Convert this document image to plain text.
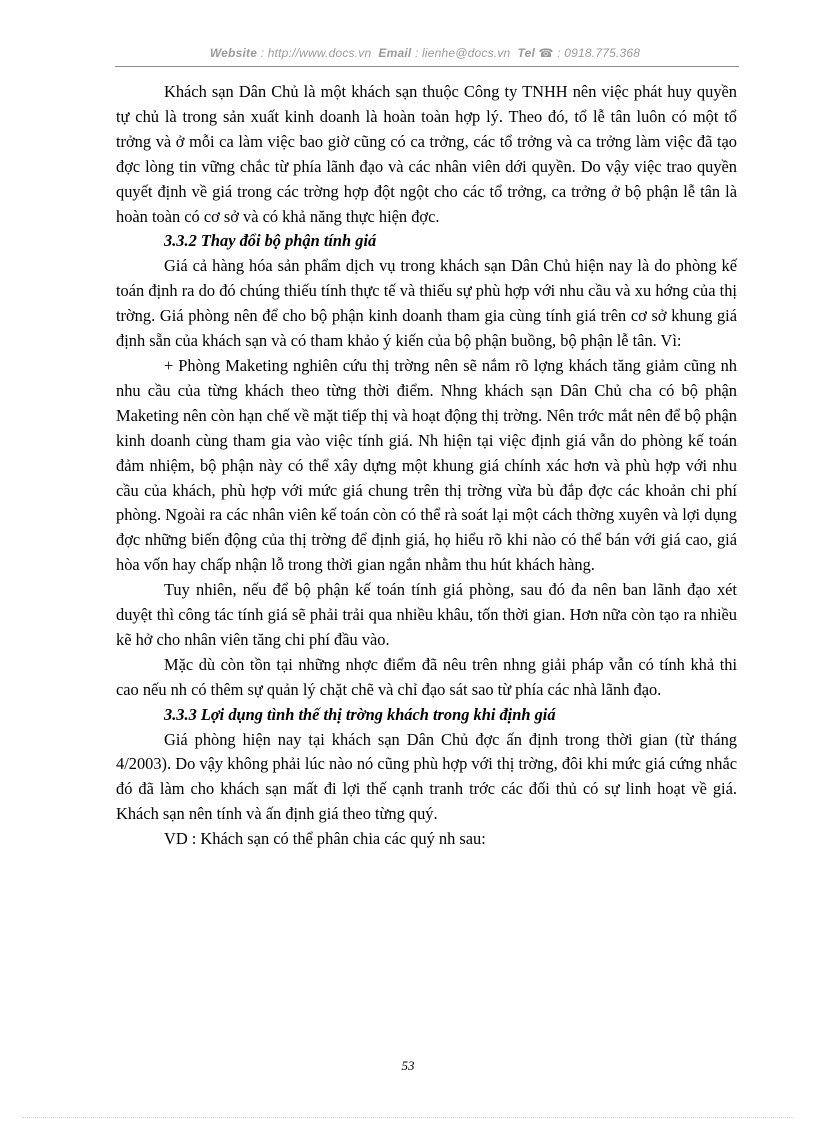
Website : http://www.docs.vn Email : lienhe@docs.vn Tel ☎ : 0918.775.368

Khách sạn Dân Chủ là một khách sạn thuộc Công ty TNHH nên việc phát huy quyền tự chủ là trong sản xuất kinh doanh là hoàn toàn hợp lý. Theo đó, tổ lễ tân luôn có một tổ trởng và ở mỗi ca làm việc bao giờ cũng có ca trởng, các tổ trởng và ca trởng làm việc đã tạo đợc lòng tin vững chắc từ phía lãnh đạo và các nhân viên dới quyền. Do vậy việc trao quyền quyết định về giá trong các trờng hợp đột ngột cho các tổ trởng, ca trởng ở bộ phận lễ tân là hoàn toàn có cơ sở và có khả năng thực hiện đợc.

3.3.2 Thay đổi bộ phận tính giá

Giá cả hàng hóa sản phẩm dịch vụ trong khách sạn Dân Chủ hiện nay là do phòng kế toán định ra do đó chúng thiếu tính thực tế và thiếu sự phù hợp với nhu cầu và xu hớng của thị trờng. Giá phòng nên để cho bộ phận kinh doanh tham gia cùng tính giá trên cơ sở khung giá định sẵn của khách sạn và có tham khảo ý kiến của bộ phận buồng, bộ phận lễ tân. Vì:

+ Phòng Maketing nghiên cứu thị trờng nên sẽ nắm rõ lợng khách tăng giảm cũng nh nhu cầu của từng khách theo từng thời điểm. Nhng khách sạn Dân Chủ cha có bộ phận Maketing nên còn hạn chế về mặt tiếp thị và hoạt động thị trờng. Nên trớc mắt nên để bộ phận kinh doanh cùng tham gia vào việc tính giá. Nh hiện tại việc định giá vẫn do phòng kế toán đảm nhiệm, bộ phận này có thể xây dựng một khung giá chính xác hơn và phù hợp với nhu cầu của khách, phù hợp với mức giá chung trên thị trờng vừa bù đắp đợc các khoản chi phí phòng. Ngoài ra các nhân viên kế toán còn có thể rà soát lại một cách thờng xuyên và lợi dụng đợc những biến động của thị trờng để định giá, họ hiểu rõ khi nào có thể bán với giá cao, giá hòa vốn hay chấp nhận lỗ trong thời gian ngắn nhằm thu hút khách hàng.

Tuy nhiên, nếu để bộ phận kế toán tính giá phòng, sau đó đa nên ban lãnh đạo xét duyệt thì công tác tính giá sẽ phải trải qua nhiều khâu, tốn thời gian. Hơn nữa còn tạo ra nhiều kẽ hở cho nhân viên tăng chi phí đầu vào.

Mặc dù còn tồn tại những nhợc điểm đã nêu trên nhng giải pháp vẫn có tính khả thi cao nếu nh có thêm sự quản lý chặt chẽ và chỉ đạo sát sao từ phía các nhà lãnh đạo.

3.3.3 Lợi dụng tình thế thị trờng khách trong khi định giá

Giá phòng hiện nay tại khách sạn Dân Chủ đợc ấn định trong thời gian (từ tháng 4/2003). Do vậy không phải lúc nào nó cũng phù hợp với thị trờng, đôi khi mức giá cứng nhắc đó đã làm cho khách sạn mất đi lợi thế cạnh tranh trớc các đối thủ có sự linh hoạt về giá. Khách sạn nên tính và ấn định giá theo từng quý.

VD : Khách sạn có thể phân chia các quý nh sau:

53
